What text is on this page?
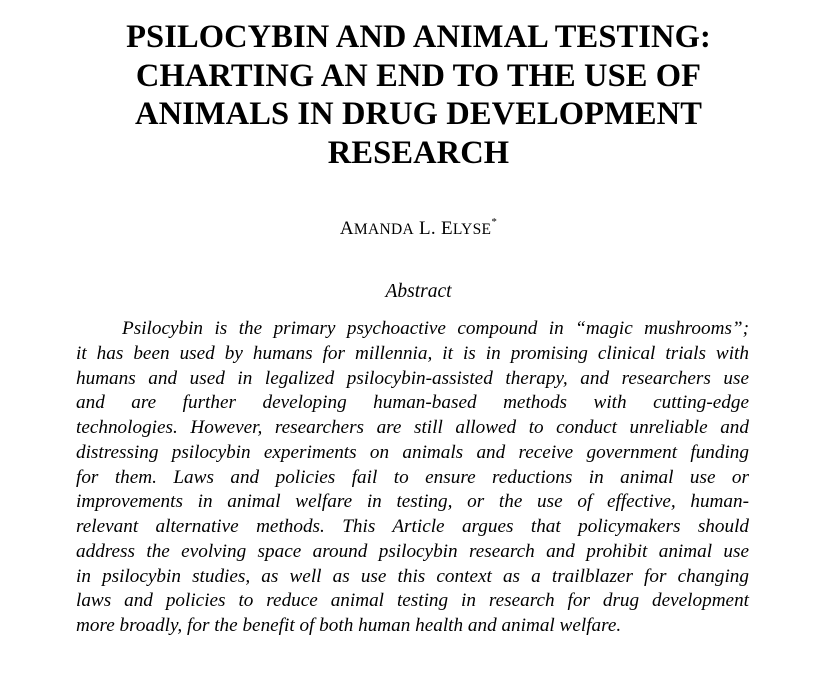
PSILOCYBIN AND ANIMAL TESTING:
CHARTING AN END TO THE USE OF
ANIMALS IN DRUG DEVELOPMENT
RESEARCH
AMANDA L. ELYSE*
Abstract
Psilocybin is the primary psychoactive compound in “magic mushrooms”;
it has been used by humans for millennia, it is in promising clinical trials with
humans and used in legalized psilocybin-assisted therapy, and researchers use
and are further developing human-based methods with cutting-edge
technologies. However, researchers are still allowed to conduct unreliable and
distressing psilocybin experiments on animals and receive government funding
for them. Laws and policies fail to ensure reductions in animal use or
improvements in animal welfare in testing, or the use of effective, human-
relevant alternative methods. This Article argues that policymakers should
address the evolving space around psilocybin research and prohibit animal use
in psilocybin studies, as well as use this context as a trailblazer for changing
laws and policies to reduce animal testing in research for drug development
more broadly, for the benefit of both human health and animal welfare.
